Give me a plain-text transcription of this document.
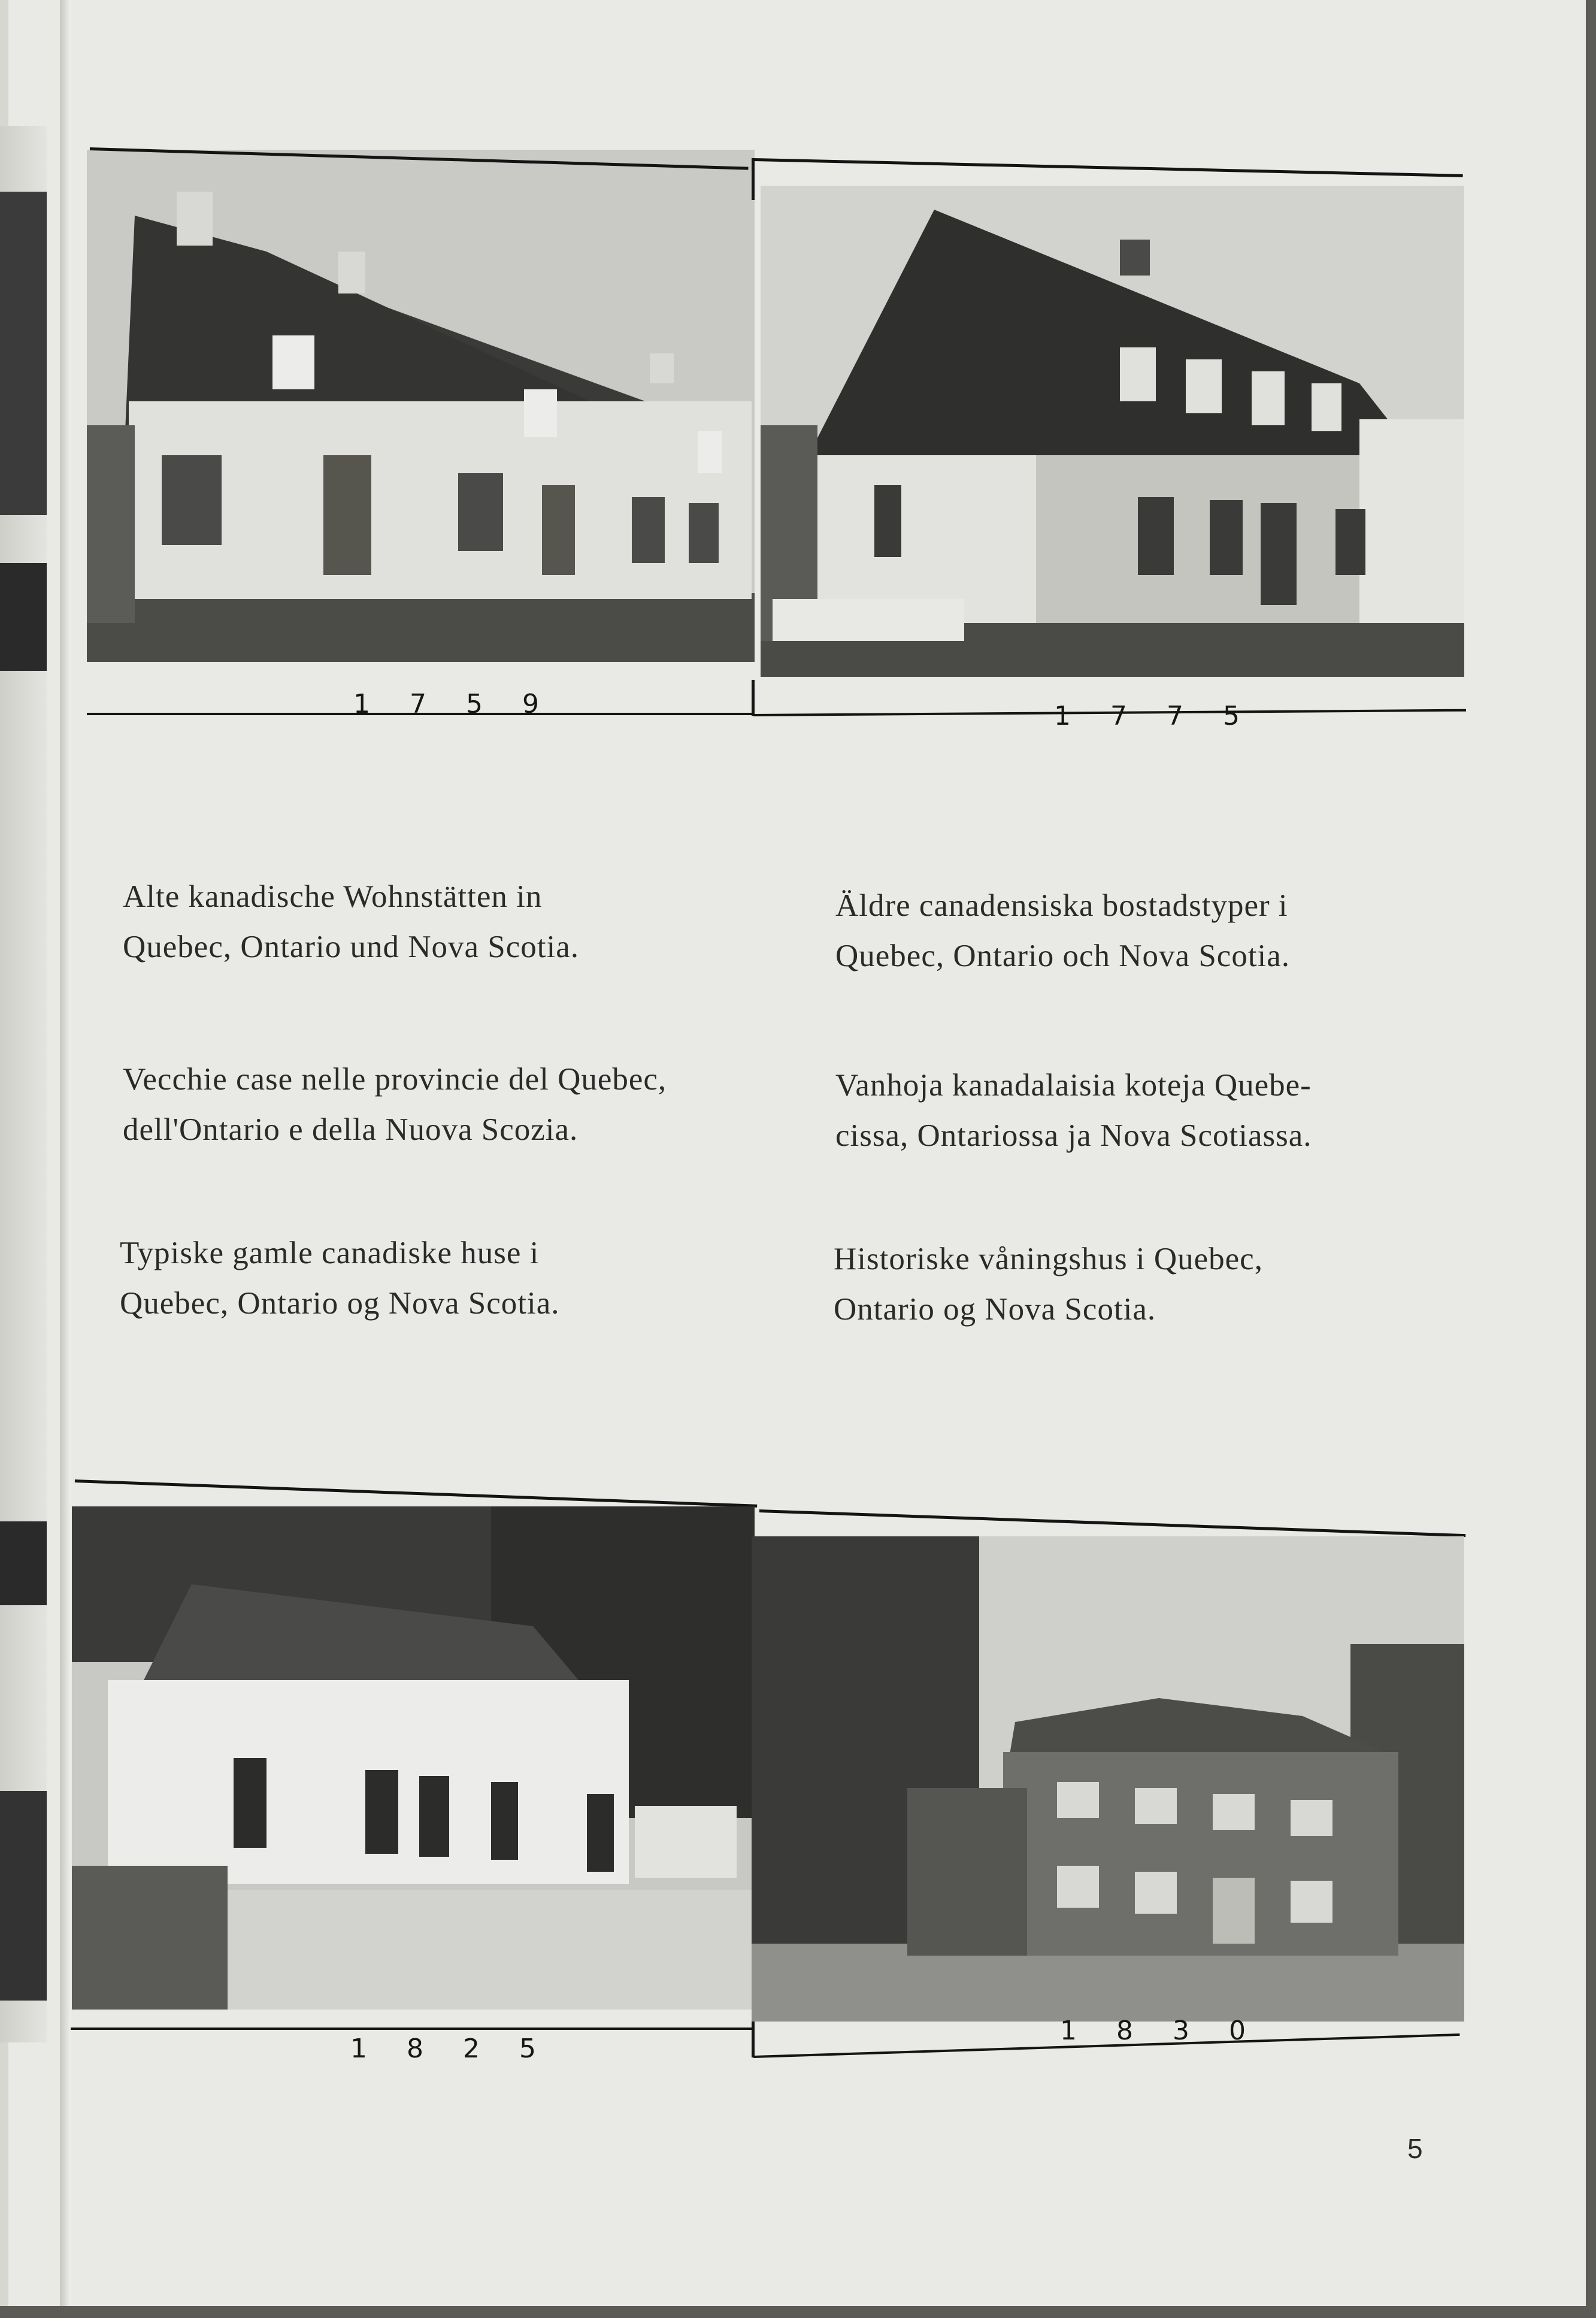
1 7 5 9	1 7 7 5

Alte kanadische Wohnstätten in

Quebec, Ontario und Nova Scotia.

Äldre canadensiska bostadstyper i

Quebec, Ontario och Nova Scotia.

Vecchie case nelle provincie del Quebec,

dell'Ontario e della Nuova Scozia.

Vanhoja kanadalaisia koteja Quebe-

cissa, Ontariossa ja Nova Scotiassa.

Typiske gamle canadiske huse i

Quebec, Ontario og Nova Scotia.

Historiske våningshus i Quebec,

Ontario og Nova Scotia.

1 8 2 5
1 8 3 0
5
